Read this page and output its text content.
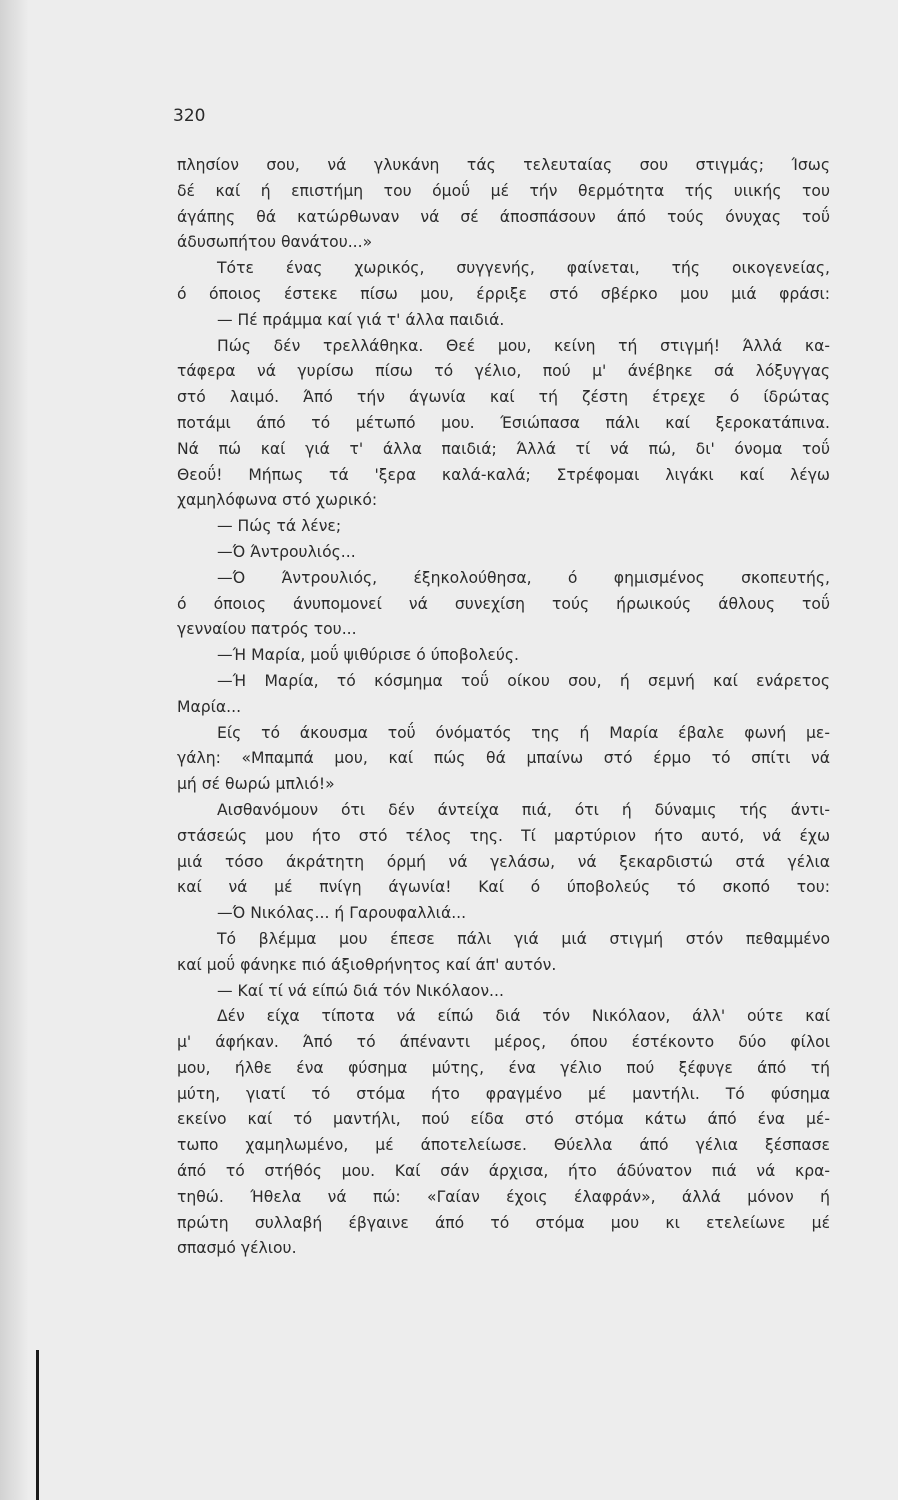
320
πλησίον σου, νά γλυκάνη τάς τελευταίας σου στιγμάς; Ίσως
δέ καί ή επιστήμη του όμοΰ μέ τήν θερμότητα τής υιικής του
άγάπης θά κατώρθωναν νά σέ άποσπάσουν άπό τούς όνυχας τοΰ
άδυσωπήτου θανάτου...»
Τότε ένας χωρικός, συγγενής, φαίνεται, τής οικογενείας,
ό όποιος έστεκε πίσω μου, έρριξε στό σβέρκο μου μιά φράσι:
— Πέ πράμμα καί γιά τ' άλλα παιδιά.
Πώς δέν τρελλάθηκα. Θεέ μου, κείνη τή στιγμή! Άλλά κα-
τάφερα νά γυρίσω πίσω τό γέλιο, πού μ' άνέβηκε σά λόξυγγας
στό λαιμό. Άπό τήν άγωνία καί τή ζέστη έτρεχε ό ίδρώτας
ποτάμι άπό τό μέτωπό μου. Έσιώπασα πάλι καί ξεροκατάπινα.
Νά πώ καί γιά τ' άλλα παιδιά; Άλλά τί νά πώ, δι' όνομα τοΰ
Θεοΰ! Μήπως τά 'ξερα καλά-καλά; Στρέφομαι λιγάκι καί λέγω
χαμηλόφωνα στό χωρικό:
— Πώς τά λένε;
—Ό Άντρουλιός...
—Ό Άντρουλιός, έξηκολούθησα, ό φημισμένος σκοπευτής,
ό όποιος άνυπομονεί νά συνεχίση τούς ήρωικούς άθλους τοΰ
γενναίου πατρός του...
—Ή Μαρία, μοΰ ψιθύρισε ό ύποβολεύς.
—Ή Μαρία, τό κόσμημα τοΰ οίκου σου, ή σεμνή καί ενάρετος
Μαρία...
Είς τό άκουσμα τοΰ όνόματός της ή Μαρία έβαλε φωνή με-
γάλη: «Μπαμπά μου, καί πώς θά μπαίνω στό έρμο τό σπίτι νά
μή σέ θωρώ μπλιό!»
Αισθανόμουν ότι δέν άντείχα πιά, ότι ή δύναμις τής άντι-
στάσεώς μου ήτο στό τέλος της. Τί μαρτύριον ήτο αυτό, νά έχω
μιά τόσο άκράτητη όρμή νά γελάσω, νά ξεκαρδιστώ στά γέλια
καί νά μέ πνίγη άγωνία! Καί ό ύποβολεύς τό σκοπό του:
—Ό Νικόλας... ή Γαρουφαλλιά...
Τό βλέμμα μου έπεσε πάλι γιά μιά στιγμή στόν πεθαμμένο
καί μοΰ φάνηκε πιό άξιοθρήνητος καί άπ' αυτόν.
— Καί τί νά είπώ διά τόν Νικόλαον...
Δέν είχα τίποτα νά είπώ διά τόν Νικόλαον, άλλ' ούτε καί
μ' άφήκαν. Άπό τό άπέναντι μέρος, όπου έστέκοντο δύο φίλοι
μου, ήλθε ένα φύσημα μύτης, ένα γέλιο πού ξέφυγε άπό τή
μύτη, γιατί τό στόμα ήτο φραγμένο μέ μαντήλι. Τό φύσημα
εκείνο καί τό μαντήλι, πού είδα στό στόμα κάτω άπό ένα μέ-
τωπο χαμηλωμένο, μέ άποτελείωσε. Θύελλα άπό γέλια ξέσπασε
άπό τό στήθός μου. Καί σάν άρχισα, ήτο άδύνατον πιά νά κρα-
τηθώ. Ήθελα νά πώ: «Γαίαν έχοις έλαφράν», άλλά μόνον ή
πρώτη συλλαβή έβγαινε άπό τό στόμα μου κι ετελείωνε μέ
σπασμό γέλιου.
